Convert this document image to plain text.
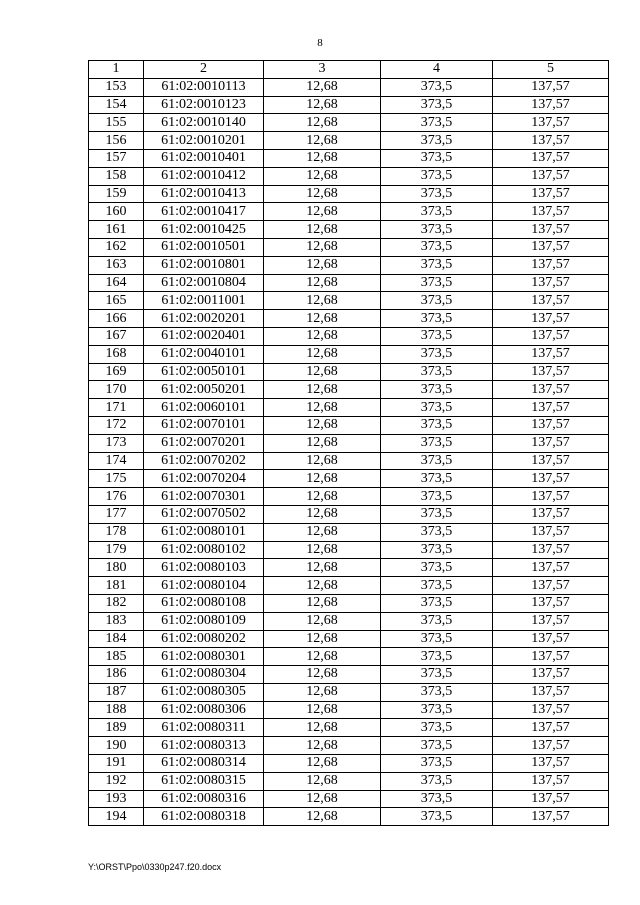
8
1	2	3	4	5
153	61:02:0010113	12,68	373,5	137,57
154	61:02:0010123	12,68	373,5	137,57
155	61:02:0010140	12,68	373,5	137,57
156	61:02:0010201	12,68	373,5	137,57
157	61:02:0010401	12,68	373,5	137,57
158	61:02:0010412	12,68	373,5	137,57
159	61:02:0010413	12,68	373,5	137,57
160	61:02:0010417	12,68	373,5	137,57
161	61:02:0010425	12,68	373,5	137,57
162	61:02:0010501	12,68	373,5	137,57
163	61:02:0010801	12,68	373,5	137,57
164	61:02:0010804	12,68	373,5	137,57
165	61:02:0011001	12,68	373,5	137,57
166	61:02:0020201	12,68	373,5	137,57
167	61:02:0020401	12,68	373,5	137,57
168	61:02:0040101	12,68	373,5	137,57
169	61:02:0050101	12,68	373,5	137,57
170	61:02:0050201	12,68	373,5	137,57
171	61:02:0060101	12,68	373,5	137,57
172	61:02:0070101	12,68	373,5	137,57
173	61:02:0070201	12,68	373,5	137,57
174	61:02:0070202	12,68	373,5	137,57
175	61:02:0070204	12,68	373,5	137,57
176	61:02:0070301	12,68	373,5	137,57
177	61:02:0070502	12,68	373,5	137,57
178	61:02:0080101	12,68	373,5	137,57
179	61:02:0080102	12,68	373,5	137,57
180	61:02:0080103	12,68	373,5	137,57
181	61:02:0080104	12,68	373,5	137,57
182	61:02:0080108	12,68	373,5	137,57
183	61:02:0080109	12,68	373,5	137,57
184	61:02:0080202	12,68	373,5	137,57
185	61:02:0080301	12,68	373,5	137,57
186	61:02:0080304	12,68	373,5	137,57
187	61:02:0080305	12,68	373,5	137,57
188	61:02:0080306	12,68	373,5	137,57
189	61:02:0080311	12,68	373,5	137,57
190	61:02:0080313	12,68	373,5	137,57
191	61:02:0080314	12,68	373,5	137,57
192	61:02:0080315	12,68	373,5	137,57
193	61:02:0080316	12,68	373,5	137,57
194	61:02:0080318	12,68	373,5	137,57
Y:\ORST\Ppo\0330p247.f20.docx
